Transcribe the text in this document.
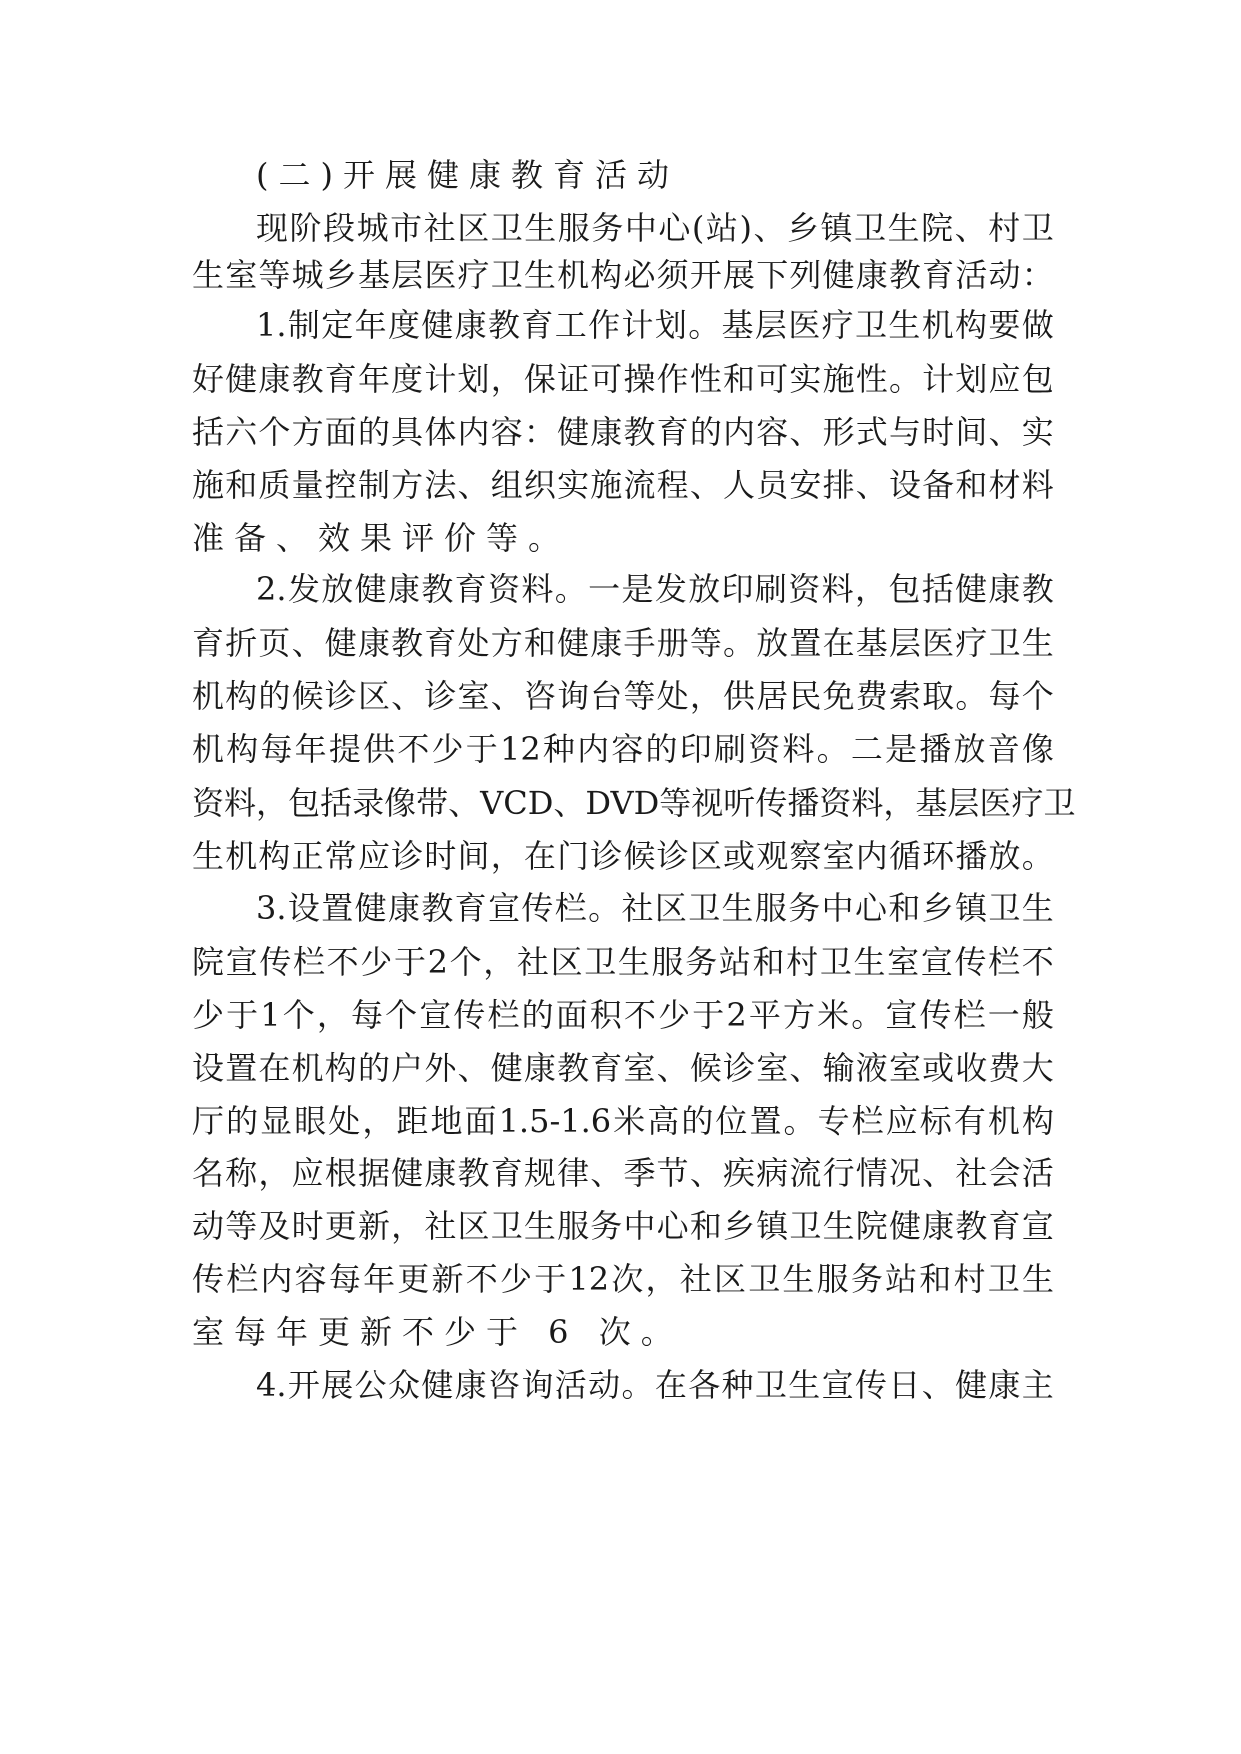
(二)开展健康教育活动
现 阶 段 城 市 社 区 卫 生 服 务 中 心 ( 站 ) 、 乡 镇 卫 生 院 、 村 卫
生 室 等 城 乡 基 层 医 疗 卫 生 机 构 必 须 开 展 下 列 健 康 教 育 活 动 ：
1. 制 定 年 度 健 康 教 育 工 作 计 划 。 基 层 医 疗 卫 生 机 构 要 做
好 健 康 教 育 年 度 计 划 ， 保 证 可 操 作 性 和 可 实 施 性 。 计 划 应 包
括 六 个 方 面 的 具 体 内 容 ： 健 康 教 育 的 内 容 、 形 式 与 时 间 、 实
施 和 质 量 控 制 方 法 、 组 织 实 施 流 程 、 人 员 安 排 、 设 备 和 材 料
准备、效果评价等。
2. 发 放 健 康 教 育 资 料 。 一 是 发 放 印 刷 资 料 ， 包 括 健 康 教
育 折 页 、 健 康 教 育 处 方 和 健 康 手 册 等 。 放 置 在 基 层 医 疗 卫 生
机 构 的 候 诊 区 、 诊 室 、 咨 询 台 等 处 ， 供 居 民 免 费 索 取 。 每 个
机 构 每 年 提 供 不 少 于 12 种 内 容 的 印 刷 资 料 。 二 是 播 放 音 像
资 料 ， 包 括 录 像 带 、 VCD 、 DVD 等 视 听 传 播 资 料 ， 基 层 医 疗 卫
生 机 构 正 常 应 诊 时 间 ， 在 门 诊 候 诊 区 或 观 察 室 内 循 环 播 放 。
3. 设 置 健 康 教 育 宣 传 栏 。 社 区 卫 生 服 务 中 心 和 乡 镇 卫 生
院 宣 传 栏 不 少 于 2 个 ， 社 区 卫 生 服 务 站 和 村 卫 生 室 宣 传 栏 不
少 于 1 个 ， 每 个 宣 传 栏 的 面 积 不 少 于 2 平 方 米 。 宣 传 栏 一 般
设 置 在 机 构 的 户 外 、 健 康 教 育 室 、 候 诊 室 、 输 液 室 或 收 费 大
厅 的 显 眼 处 ， 距 地 面 1.5-1.6 米 高 的 位 置 。 专 栏 应 标 有 机 构
名 称 ， 应 根 据 健 康 教 育 规 律 、 季 节 、 疾 病 流 行 情 况 、 社 会 活
动 等 及 时 更 新 ， 社 区 卫 生 服 务 中 心 和 乡 镇 卫 生 院 健 康 教 育 宣
传 栏 内 容 每 年 更 新 不 少 于 12 次 ， 社 区 卫 生 服 务 站 和 村 卫 生
室每年更新不少于 6 次。
4. 开 展 公 众 健 康 咨 询 活 动 。 在 各 种 卫 生 宣 传 日 、 健 康 主
